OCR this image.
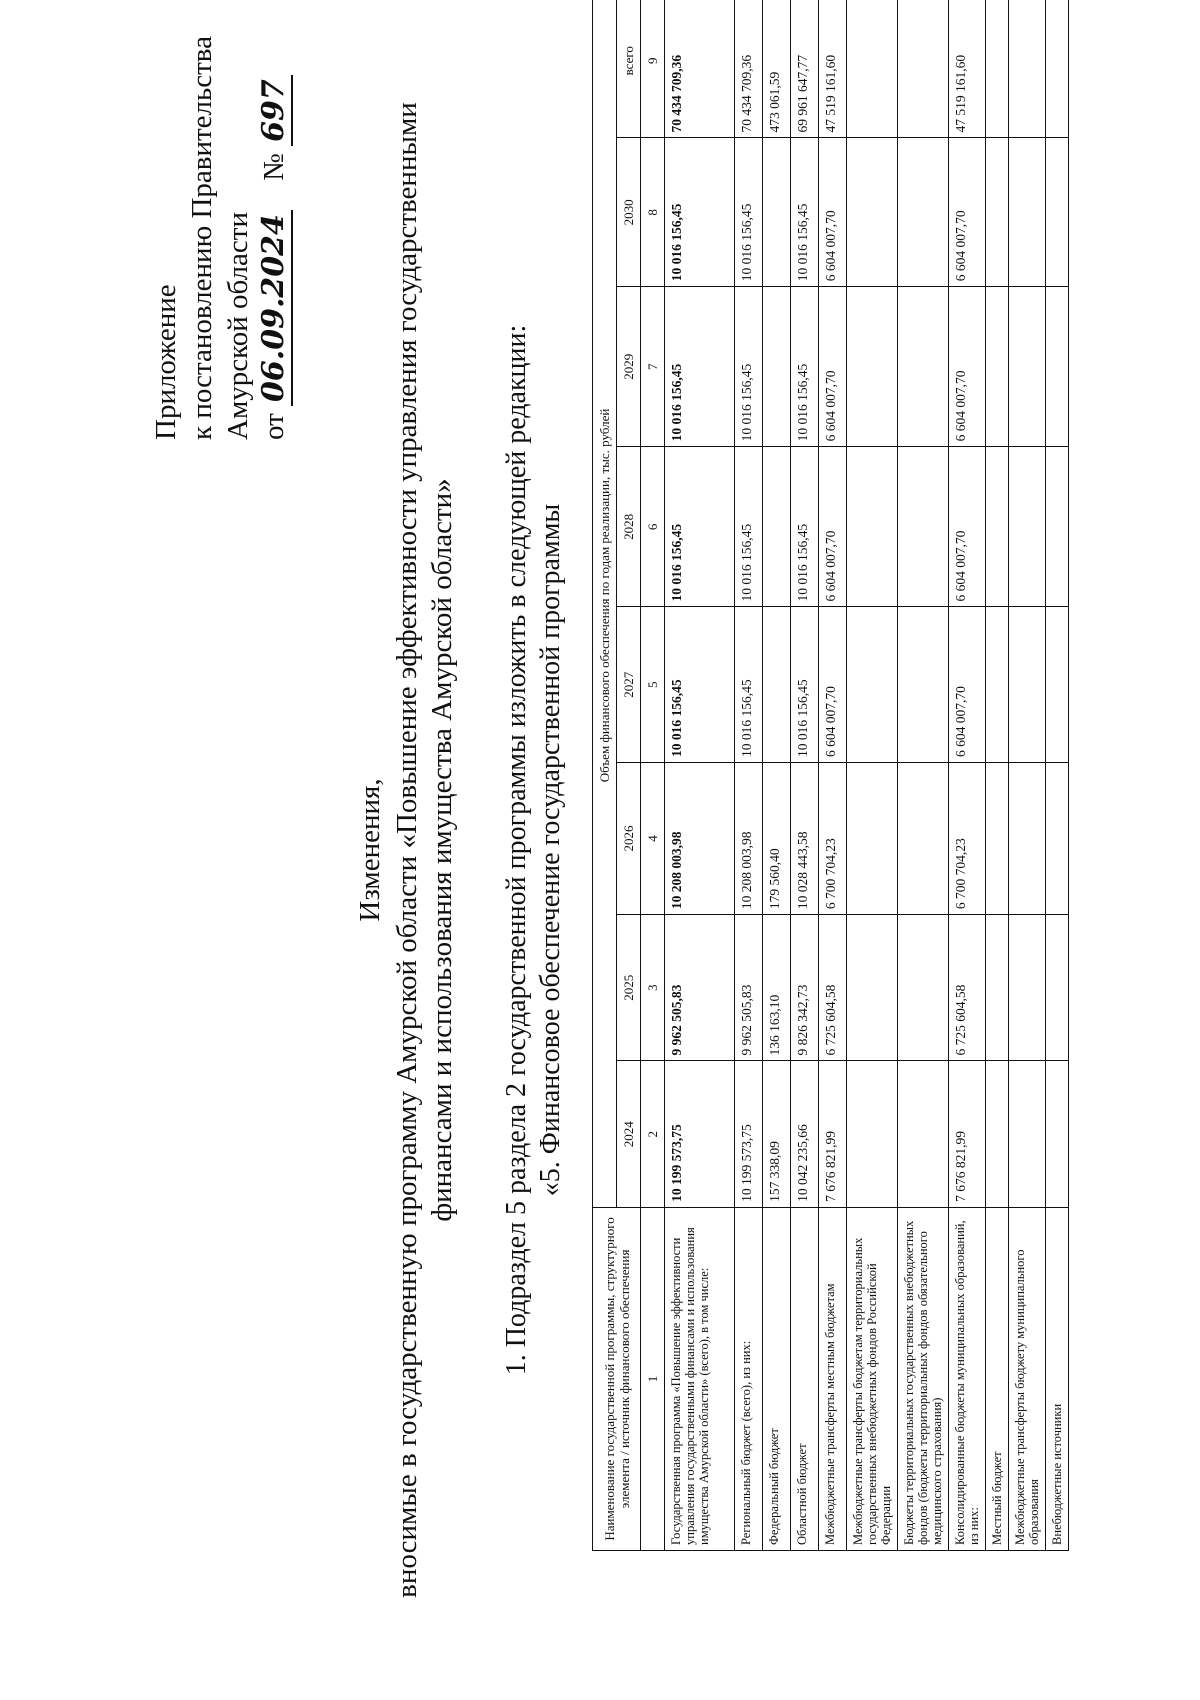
Приложение к постановлению Правительства Амурской области от 06.09.2024 № 697
Изменения, вносимые в государственную программу Амурской области «Повышение эффективности управления государственными финансами и использования имущества Амурской области» 1. Подраздел 5 раздела 2 государственной программы изложить в следующей редакции: «5. Финансовое обеспечение государственной программы
Наименование государственной программы, структурного элемента / источник финансового обеспечения	Объем финансового обеспечения по годам реализации, тыс. рублей							
	2024	2025	2026	2027	2028	2029	2030	всего
1	2	3	4	5	6	7	8	9
Государственная программа «Повышение эффективности управления государственными финансами и использования имущества Амурской области» (всего), в том числе:	10 199 573,75	9 962 505,83	10 208 003,98	10 016 156,45	10 016 156,45	10 016 156,45	10 016 156,45	70 434 709,36
Региональный бюджет (всего), из них:	10 199 573,75	9 962 505,83	10 208 003,98	10 016 156,45	10 016 156,45	10 016 156,45	10 016 156,45	70 434 709,36
Федеральный бюджет	157 338,09	136 163,10	179 560,40					473 061,59
Областной бюджет	10 042 235,66	9 826 342,73	10 028 443,58	10 016 156,45	10 016 156,45	10 016 156,45	10 016 156,45	69 961 647,77
Межбюджетные трансферты местным бюджетам	7 676 821,99	6 725 604,58	6 700 704,23	6 604 007,70	6 604 007,70	6 604 007,70	6 604 007,70	47 519 161,60
Межбюджетные трансферты бюджетам территориальных государственных внебюджетных фондов Российской Федерации								
Бюджеты территориальных государственных внебюджетных фондов (бюджеты территориальных фондов обязательного медицинского страхования)								
Консолидированные бюджеты муниципальных образований, из них:	7 676 821,99	6 725 604,58	6 700 704,23	6 604 007,70	6 604 007,70	6 604 007,70	6 604 007,70	47 519 161,60
Местный бюджет								
Межбюджетные трансферты бюджету муниципального образования								
Внебюджетные источники								
